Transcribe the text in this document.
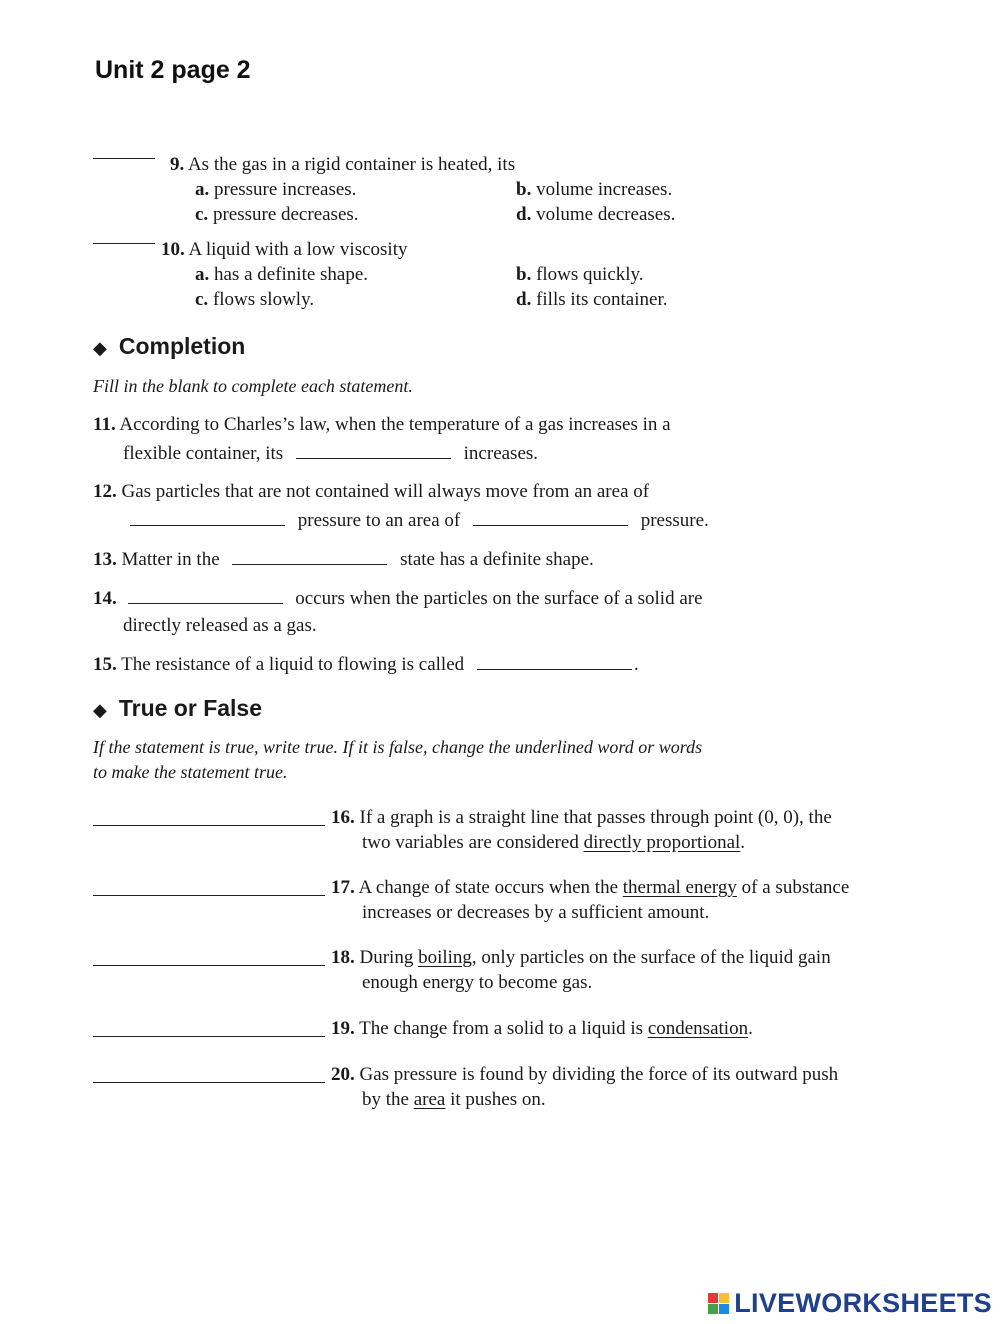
Unit 2 page 2
9. As the gas in a rigid container is heated, its
a. pressure increases.	b. volume increases.
c. pressure decreases.	d. volume decreases.
10. A liquid with a low viscosity
a. has a definite shape.	b. flows quickly.
c. flows slowly.	d. fills its container.
◆ Completion
Fill in the blank to complete each statement.
11. According to Charles’s law, when the temperature of a gas increases in a
flexible container, its	increases.
12. Gas particles that are not contained will always move from an area of
pressure to an area of	pressure.
13. Matter in the	state has a definite shape.
14.	occurs when the particles on the surface of a solid are
directly released as a gas.
15. The resistance of a liquid to flowing is called	.
◆ True or False
If the statement is true, write true. If it is false, change the underlined word or words
to make the statement true.
16. If a graph is a straight line that passes through point (0, 0), the
two variables are considered directly proportional.
17. A change of state occurs when the thermal energy of a substance
increases or decreases by a sufficient amount.
18. During boiling, only particles on the surface of the liquid gain
enough energy to become gas.
19. The change from a solid to a liquid is condensation.
20. Gas pressure is found by dividing the force of its outward push
by the area it pushes on.
LIVEWORKSHEETS
